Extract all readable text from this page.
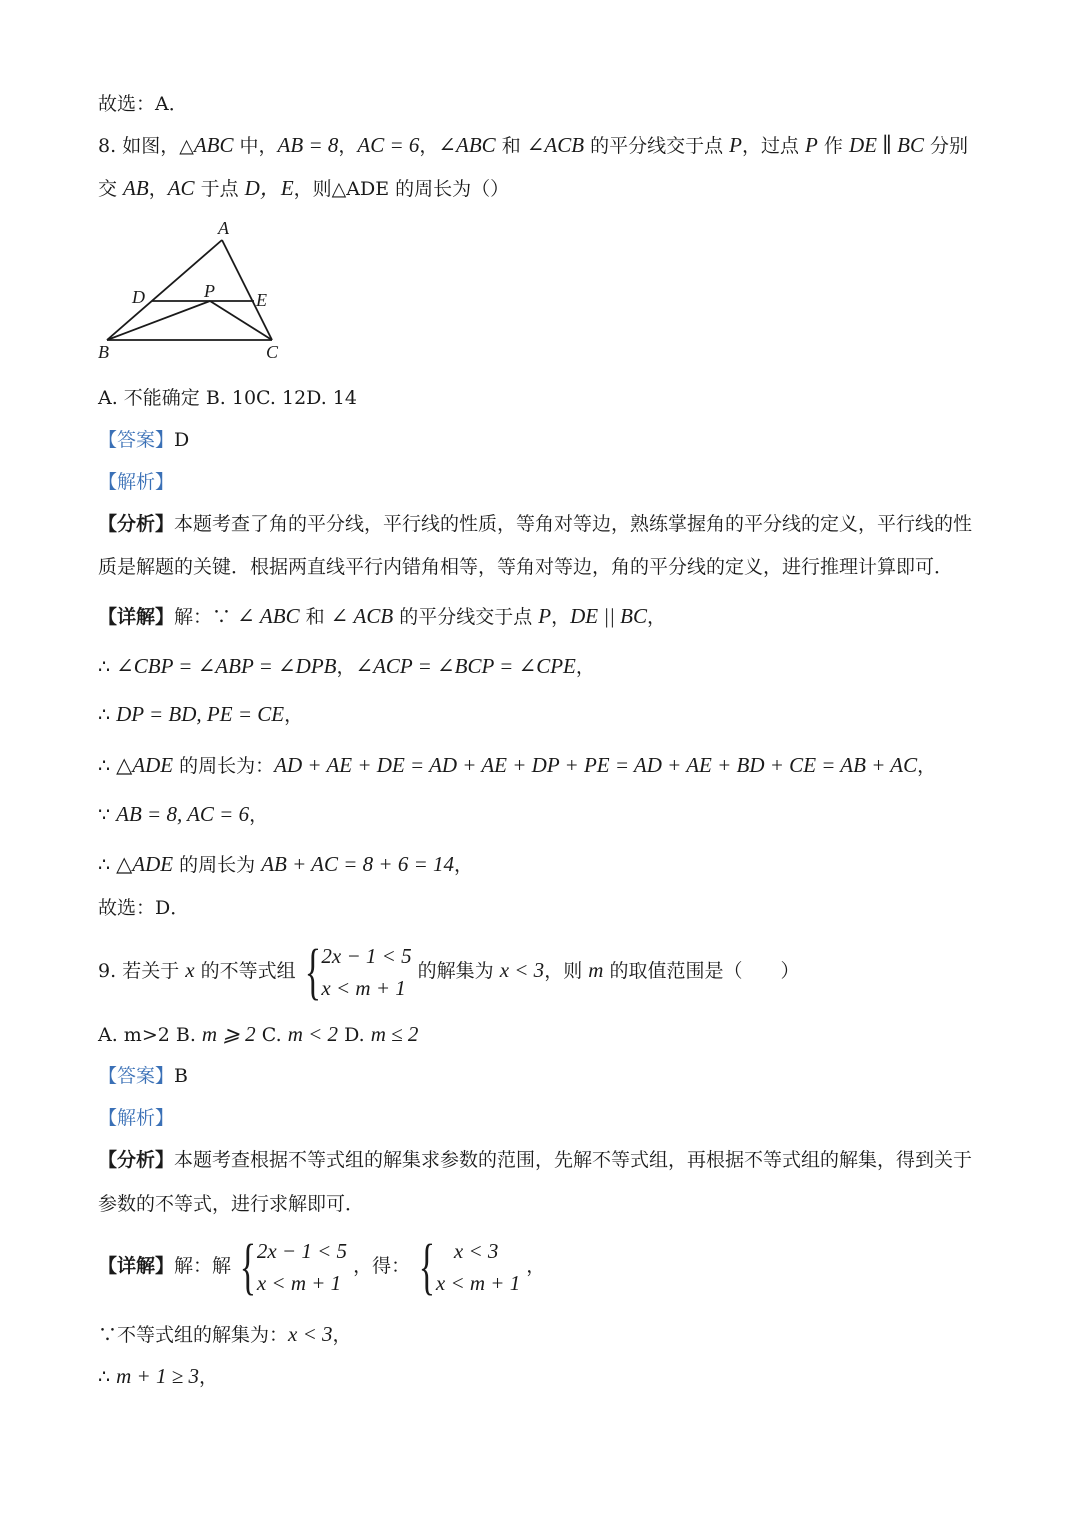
故选：A．
8. 如图，△ABC 中，AB = 8，AC = 6，∠ABC 和 ∠ACB 的平分线交于点 P，过点 P 作 DE ∥ BC 分别
交 AB，AC 于点 D，E，则△ADE 的周长为（）
A
D	P E
B	C
A. 不能确定 B. 10C. 12D. 14
【答案】D
【解析】
【分析】本题考查了角的平分线，平行线的性质，等角对等边，熟练掌握角的平分线的定义，平行线的性
质是解题的关键．根据两直线平行内错角相等，等角对等边，角的平分线的定义，进行推理计算即可．
【详解】解：∵ ∠ ABC 和 ∠ ACB 的平分线交于点 P，DE || BC，
∴ ∠CBP = ∠ABP = ∠DPB，∠ACP = ∠BCP = ∠CPE，
∴ DP = BD, PE = CE，
∴ △ADE 的周长为：AD + AE + DE = AD + AE + DP + PE = AD + AE + BD + CE = AB + AC，
∵ AB = 8, AC = 6，
∴ △ADE 的周长为 AB + AC = 8 + 6 = 14，
故选：D．
9. 若关于 x 的不等式组 { 2x − 1 < 5
x < m + 1
的解集为 x < 3，则 m 的取值范围是（　　）
A. m>2 B. m ⩾ 2 C. m < 2 D. m ≤ 2
【答案】B
【解析】
【分析】本题考查根据不等式组的解集求参数的范围，先解不等式组，再根据不等式组的解集，得到关于
参数的不等式，进行求解即可．
【详解】解：解 { 2x − 1 < 5
x < m + 1
，得： { x < 3
x < m + 1
，
∵不等式组的解集为：x < 3，
∴ m + 1 ≥ 3，
